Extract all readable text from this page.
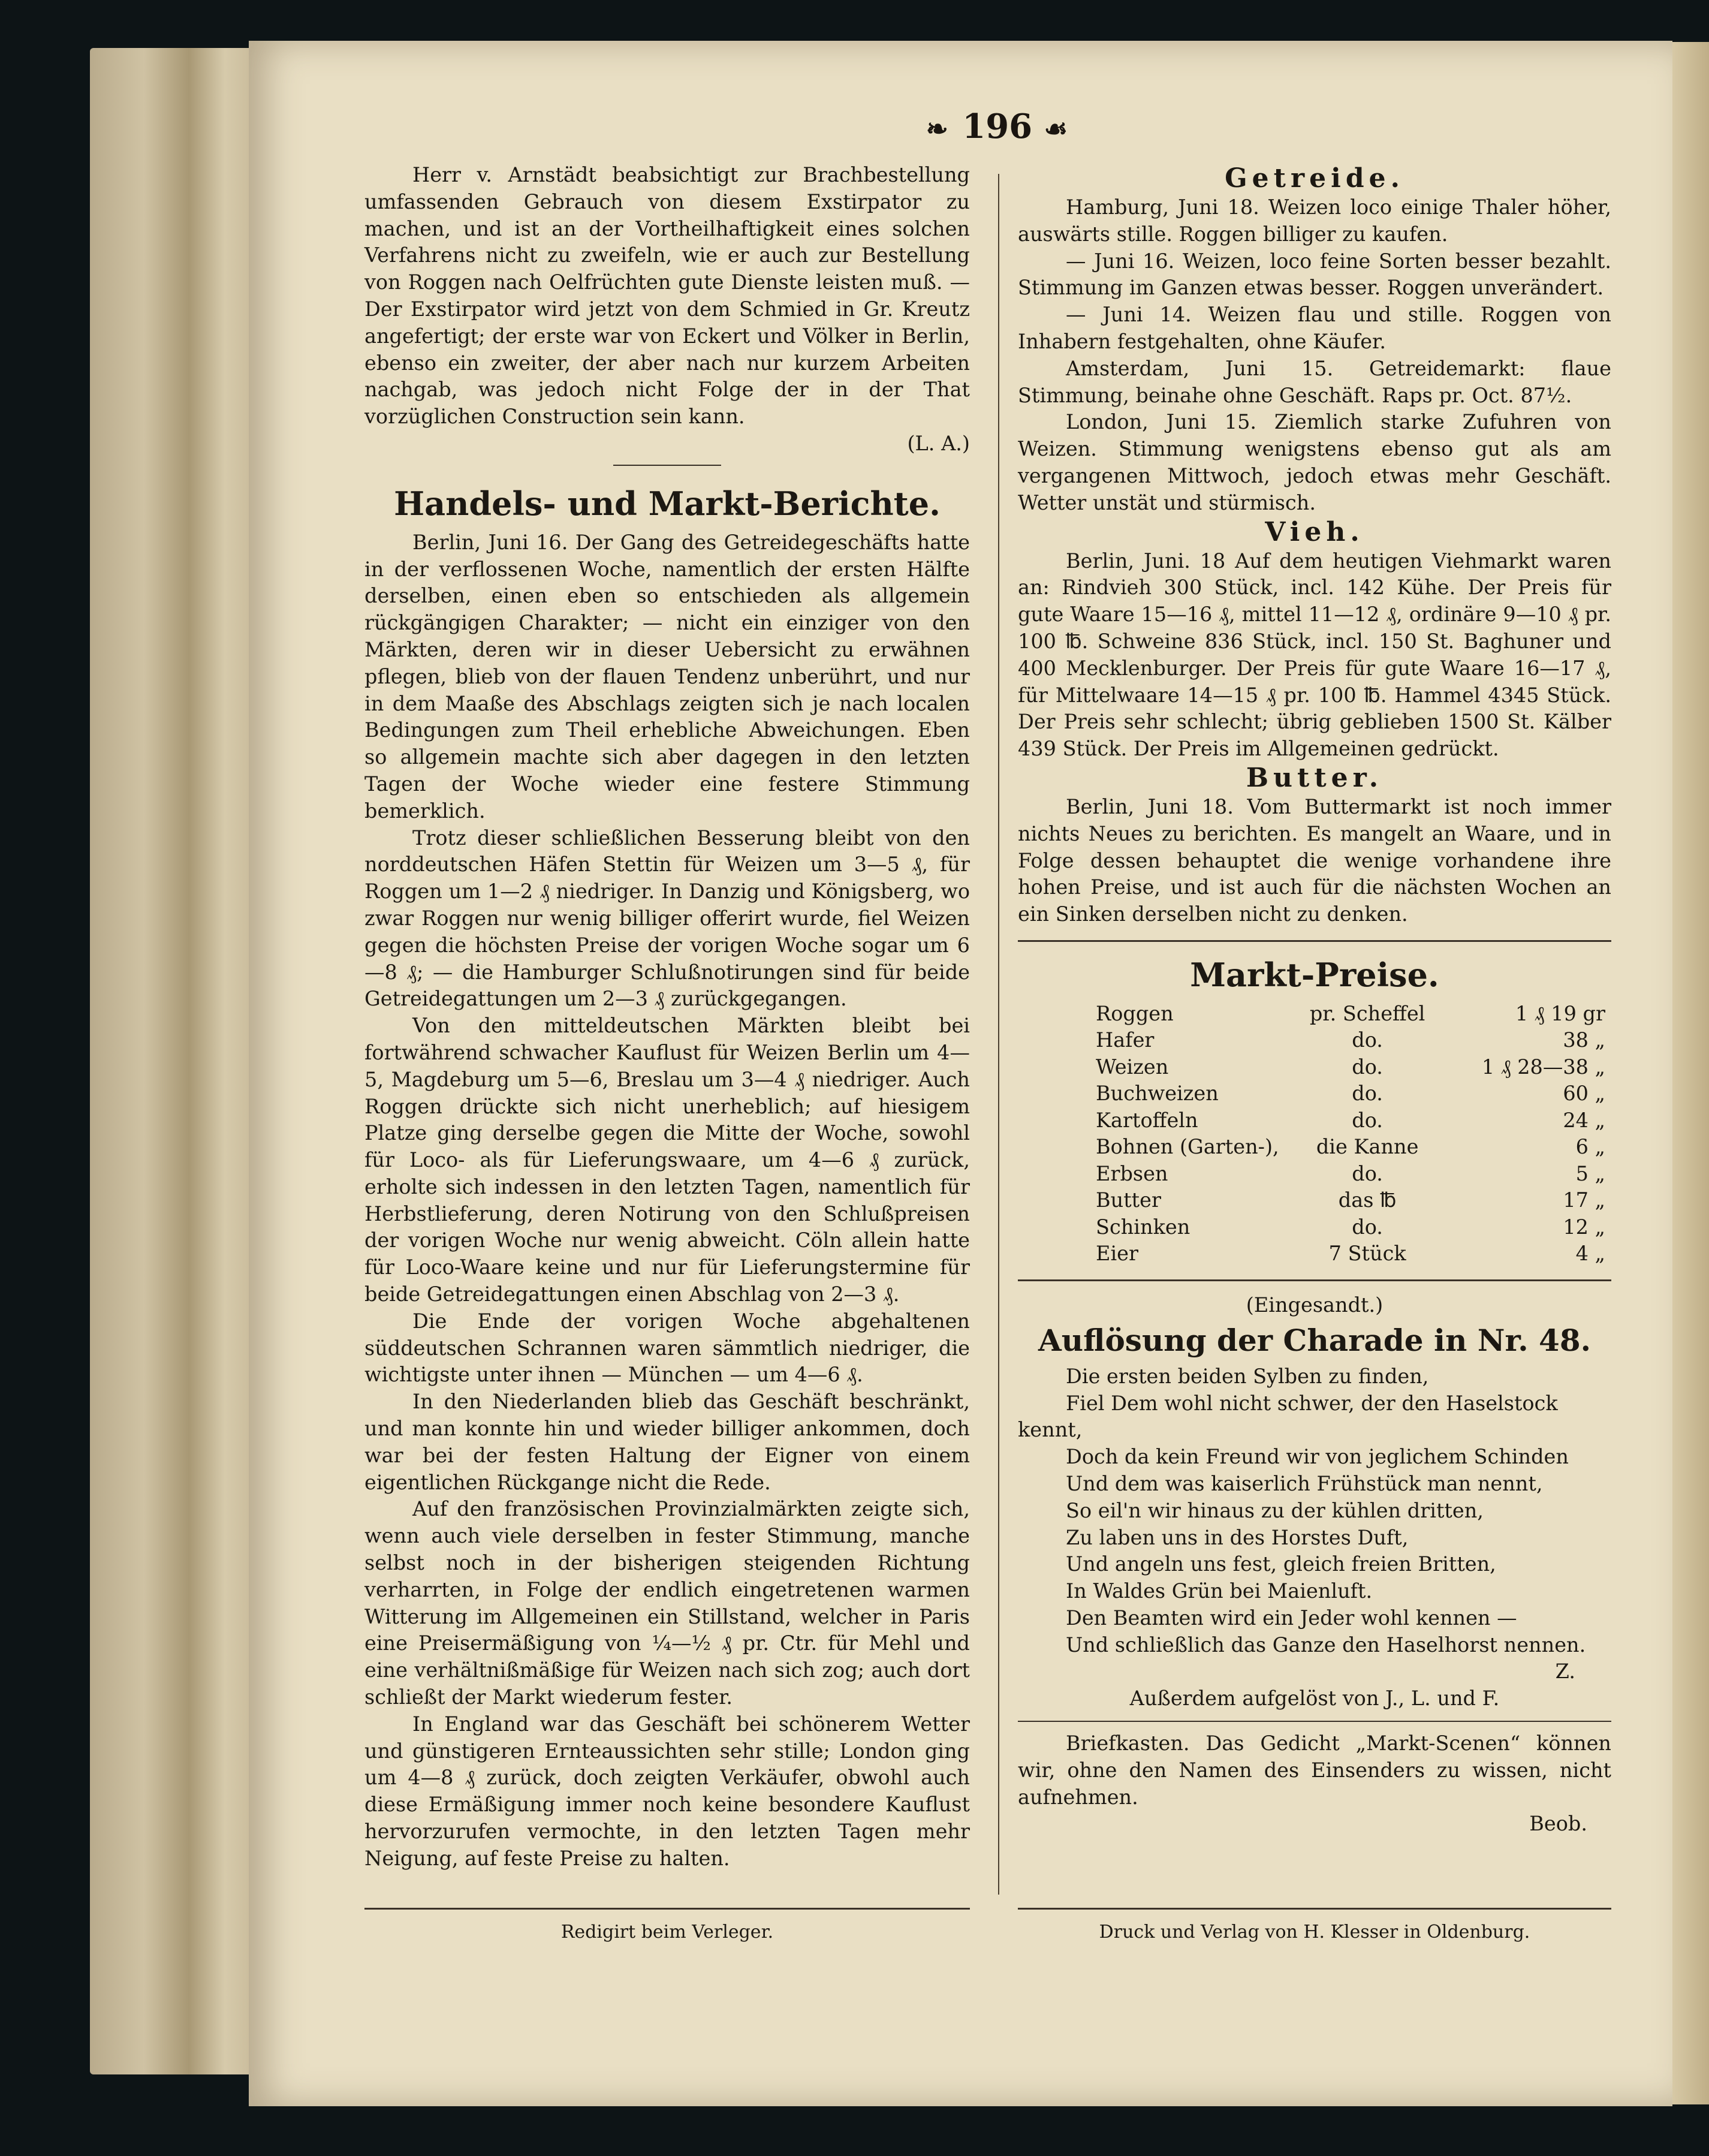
❧ 196 ☙

Herr v. Arnstädt beabsichtigt zur Brachbestellung umfassenden Gebrauch von diesem Exstirpator zu machen, und ist an der Vortheilhaftigkeit eines solchen Verfahrens nicht zu zweifeln, wie er auch zur Bestellung von Roggen nach Oelfrüchten gute Dienste leisten muß. — Der Exstirpator wird jetzt von dem Schmied in Gr. Kreutz angefertigt; der erste war von Eckert und Völker in Berlin, ebenso ein zweiter, der aber nach nur kurzem Arbeiten nachgab, was jedoch nicht Folge der in der That vorzüglichen Construction sein kann.

(L. A.)

Handels- und Markt-Berichte.

Berlin, Juni 16. Der Gang des Getreidegeschäfts hatte in der verflossenen Woche, namentlich der ersten Hälfte derselben, einen eben so entschieden als allgemein rückgängigen Charakter; — nicht ein einziger von den Märkten, deren wir in dieser Uebersicht zu erwähnen pflegen, blieb von der flauen Tendenz unberührt, und nur in dem Maaße des Abschlags zeigten sich je nach localen Bedingungen zum Theil erhebliche Abweichungen. Eben so allgemein machte sich aber dagegen in den letzten Tagen der Woche wieder eine festere Stimmung bemerklich.

Trotz dieser schließlichen Besserung bleibt von den norddeutschen Häfen Stettin für Weizen um 3—5 ₰, für Roggen um 1—2 ₰ niedriger. In Danzig und Königsberg, wo zwar Roggen nur wenig billiger offerirt wurde, fiel Weizen gegen die höchsten Preise der vorigen Woche sogar um 6—8 ₰; — die Hamburger Schlußnotirungen sind für beide Getreidegattungen um 2—3 ₰ zurückgegangen.

Von den mitteldeutschen Märkten bleibt bei fortwährend schwacher Kauflust für Weizen Berlin um 4—5, Magdeburg um 5—6, Breslau um 3—4 ₰ niedriger. Auch Roggen drückte sich nicht unerheblich; auf hiesigem Platze ging derselbe gegen die Mitte der Woche, sowohl für Loco- als für Lieferungswaare, um 4—6 ₰ zurück, erholte sich indessen in den letzten Tagen, namentlich für Herbstlieferung, deren Notirung von den Schlußpreisen der vorigen Woche nur wenig abweicht. Cöln allein hatte für Loco-Waare keine und nur für Lieferungstermine für beide Getreidegattungen einen Abschlag von 2—3 ₰.

Die Ende der vorigen Woche abgehaltenen süddeutschen Schrannen waren sämmtlich niedriger, die wichtigste unter ihnen — München — um 4—6 ₰.

In den Niederlanden blieb das Geschäft beschränkt, und man konnte hin und wieder billiger ankommen, doch war bei der festen Haltung der Eigner von einem eigentlichen Rückgange nicht die Rede.

Auf den französischen Provinzialmärkten zeigte sich, wenn auch viele derselben in fester Stimmung, manche selbst noch in der bisherigen steigenden Richtung verharrten, in Folge der endlich eingetretenen warmen Witterung im Allgemeinen ein Stillstand, welcher in Paris eine Preisermäßigung von ¼—½ ₰ pr. Ctr. für Mehl und eine verhältnißmäßige für Weizen nach sich zog; auch dort schließt der Markt wiederum fester.

In England war das Geschäft bei schönerem Wetter und günstigeren Ernteaussichten sehr stille; London ging um 4—8 ₰ zurück, doch zeigten Verkäufer, obwohl auch diese Ermäßigung immer noch keine besondere Kauflust hervorzurufen vermochte, in den letzten Tagen mehr Neigung, auf feste Preise zu halten.

Getreide.

Hamburg, Juni 18. Weizen loco einige Thaler höher, auswärts stille. Roggen billiger zu kaufen.

— Juni 16. Weizen, loco feine Sorten besser bezahlt. Stimmung im Ganzen etwas besser. Roggen unverändert.

— Juni 14. Weizen flau und stille. Roggen von Inhabern festgehalten, ohne Käufer.

Amsterdam, Juni 15. Getreidemarkt: flaue Stimmung, beinahe ohne Geschäft. Raps pr. Oct. 87½.

London, Juni 15. Ziemlich starke Zufuhren von Weizen. Stimmung wenigstens ebenso gut als am vergangenen Mittwoch, jedoch etwas mehr Geschäft. Wetter unstät und stürmisch.

Vieh.

Berlin, Juni. 18 Auf dem heutigen Viehmarkt waren an: Rindvieh 300 Stück, incl. 142 Kühe. Der Preis für gute Waare 15—16 ₰, mittel 11—12 ₰, ordinäre 9—10 ₰ pr. 100 ℔. Schweine 836 Stück, incl. 150 St. Baghuner und 400 Mecklenburger. Der Preis für gute Waare 16—17 ₰, für Mittelwaare 14—15 ₰ pr. 100 ℔. Hammel 4345 Stück. Der Preis sehr schlecht; übrig geblieben 1500 St. Kälber 439 Stück. Der Preis im Allgemeinen gedrückt.

Butter.

Berlin, Juni 18. Vom Buttermarkt ist noch immer nichts Neues zu berichten. Es mangelt an Waare, und in Folge dessen behauptet die wenige vorhandene ihre hohen Preise, und ist auch für die nächsten Wochen an ein Sinken derselben nicht zu denken.

Markt-Preise.
Roggen	pr. Scheffel	1 ₰ 19 gr
Hafer	do.	38 „
Weizen	do.	1 ₰ 28—38 „
Buchweizen	do.	60 „
Kartoffeln	do.	24 „
Bohnen (Garten-),	die Kanne	6 „
Erbsen	do.	5 „
Butter	das ℔	17 „
Schinken	do.	12 „
Eier	7 Stück	4 „
(Eingesandt.)
Auflösung der Charade in Nr. 48.

Die ersten beiden Sylben zu finden,

Fiel Dem wohl nicht schwer, der den Haselstock kennt,

Doch da kein Freund wir von jeglichem Schinden

Und dem was kaiserlich Frühstück man nennt,

So eil'n wir hinaus zu der kühlen dritten,

Zu laben uns in des Horstes Duft,

Und angeln uns fest, gleich freien Britten,

In Waldes Grün bei Maienluft.

Den Beamten wird ein Jeder wohl kennen —

Und schließlich das Ganze den Haselhorst nennen.

Z.

Außerdem aufgelöst von J., L. und F.

Briefkasten. Das Gedicht „Markt-Scenen“ können wir, ohne den Namen des Einsenders zu wissen, nicht aufnehmen.

Beob.

Redigirt beim Verleger.	Druck und Verlag von H. Klesser in Oldenburg.
